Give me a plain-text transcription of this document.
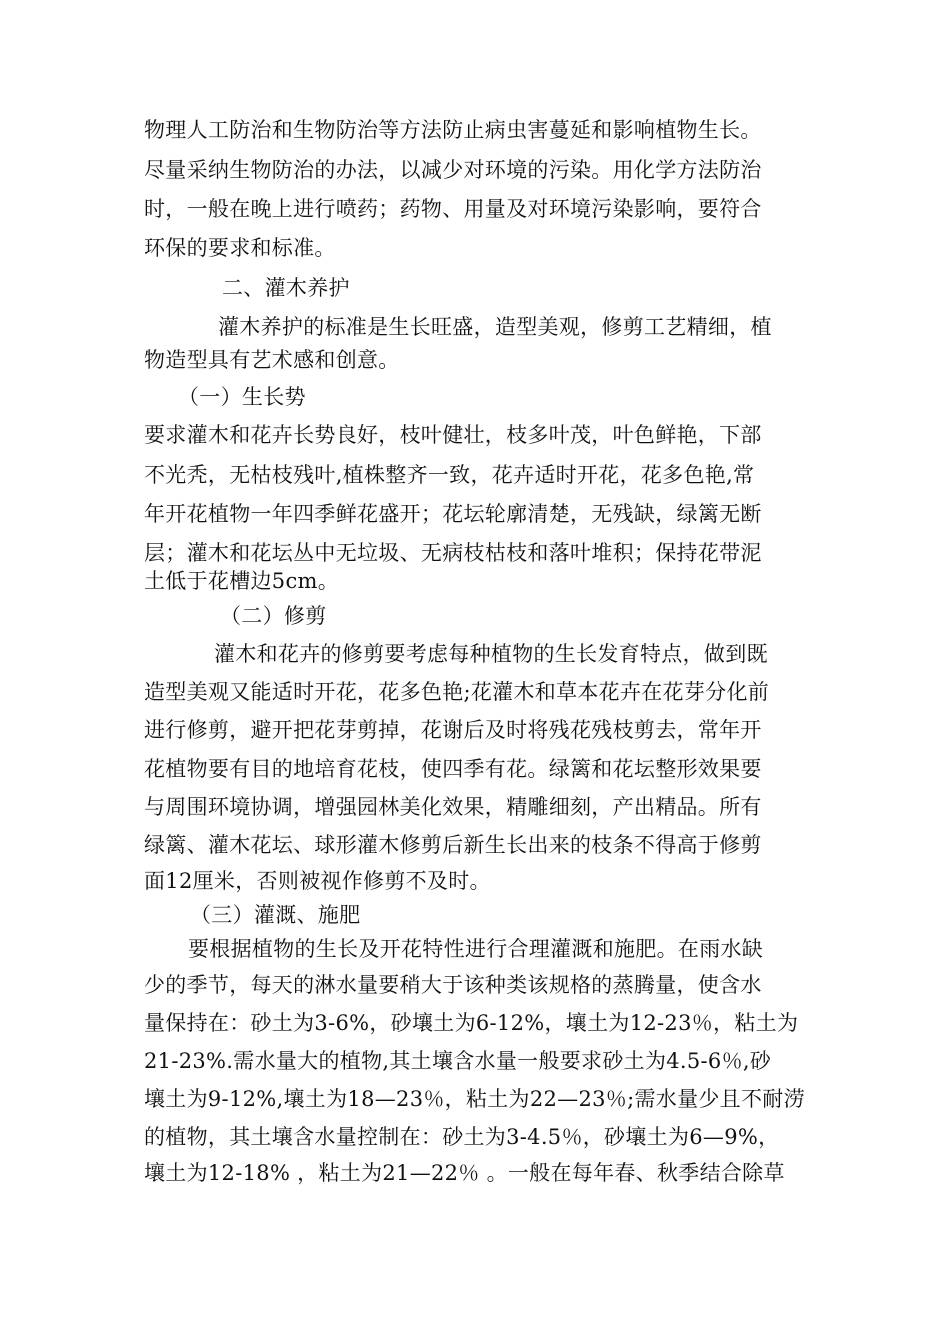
物理人工防治和生物防治等方法防止病虫害蔓延和影响植物生长。
尽量采纳生物防治的办法，以减少对环境的污染。用化学方法防治
时，一般在晚上进行喷药；药物、用量及对环境污染影响，要符合
环保的要求和标准。
二、灌木养护
灌木养护的标准是生长旺盛，造型美观，修剪工艺精细，植
物造型具有艺术感和创意。
（一）生长势
要求灌木和花卉长势良好，枝叶健壮，枝多叶茂，叶色鲜艳，下部
不光秃，无枯枝残叶,植株整齐一致，花卉适时开花，花多色艳,常
年开花植物一年四季鲜花盛开；花坛轮廓清楚，无残缺，绿篱无断
层；灌木和花坛丛中无垃圾、无病枝枯枝和落叶堆积；保持花带泥
土低于花槽边5cm。
（二）修剪
灌木和花卉的修剪要考虑每种植物的生长发育特点，做到既
造型美观又能适时开花，花多色艳;花灌木和草本花卉在花芽分化前
进行修剪，避开把花芽剪掉，花谢后及时将残花残枝剪去，常年开
花植物要有目的地培育花枝，使四季有花。绿篱和花坛整形效果要
与周围环境协调，增强园林美化效果，精雕细刻，产出精品。所有
绿篱、灌木花坛、球形灌木修剪后新生长出来的枝条不得高于修剪
面12厘米，否则被视作修剪不及时。
（三）灌溉、施肥
要根据植物的生长及开花特性进行合理灌溉和施肥。在雨水缺
少的季节，每天的淋水量要稍大于该种类该规格的蒸腾量，使含水
量保持在：砂土为3-6%，砂壤土为6-12%，壤土为12-23％，粘土为
21-23%.需水量大的植物,其土壤含水量一般要求砂土为4.5-6％,砂
壤土为9-12%,壤土为18—23％，粘土为22—23％;需水量少且不耐涝
的植物，其土壤含水量控制在：砂土为3-4.5％，砂壤土为6—9%，
壤土为12-18% ，粘土为21—22％ 。一般在每年春、秋季结合除草
